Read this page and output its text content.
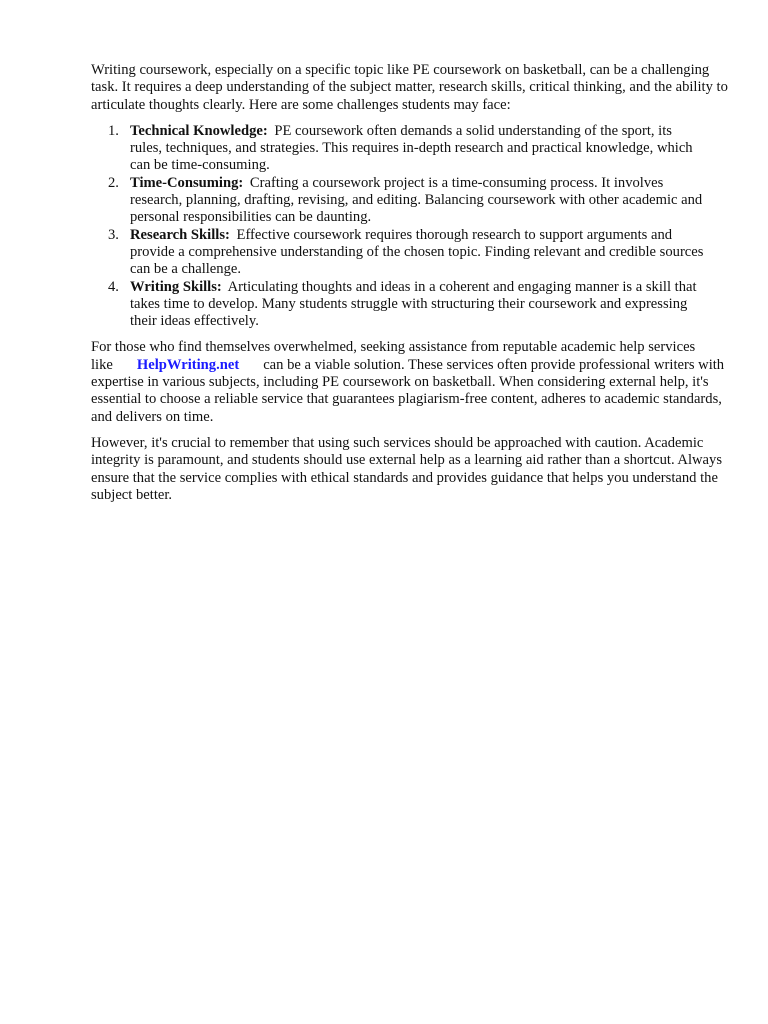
Writing coursework, especially on a specific topic like PE coursework on basketball, can be a challenging task. It requires a deep understanding of the subject matter, research skills, critical thinking, and the ability to articulate thoughts clearly. Here are some challenges students may face:

1. Technical Knowledge: PE coursework often demands a solid understanding of the sport, its rules, techniques, and strategies. This requires in-depth research and practical knowledge, which can be time-consuming.
2. Time-Consuming: Crafting a coursework project is a time-consuming process. It involves research, planning, drafting, revising, and editing. Balancing coursework with other academic and personal responsibilities can be daunting.
3. Research Skills: Effective coursework requires thorough research to support arguments and provide a comprehensive understanding of the chosen topic. Finding relevant and credible sources can be a challenge.
4. Writing Skills: Articulating thoughts and ideas in a coherent and engaging manner is a skill that takes time to develop. Many students struggle with structuring their coursework and expressing their ideas effectively.

For those who find themselves overwhelmed, seeking assistance from reputable academic help services like HelpWriting.net can be a viable solution. These services often provide professional writers with expertise in various subjects, including PE coursework on basketball. When considering external help, it's essential to choose a reliable service that guarantees plagiarism-free content, adheres to academic standards, and delivers on time.

However, it's crucial to remember that using such services should be approached with caution. Academic integrity is paramount, and students should use external help as a learning aid rather than a shortcut. Always ensure that the service complies with ethical standards and provides guidance that helps you understand the subject better.
